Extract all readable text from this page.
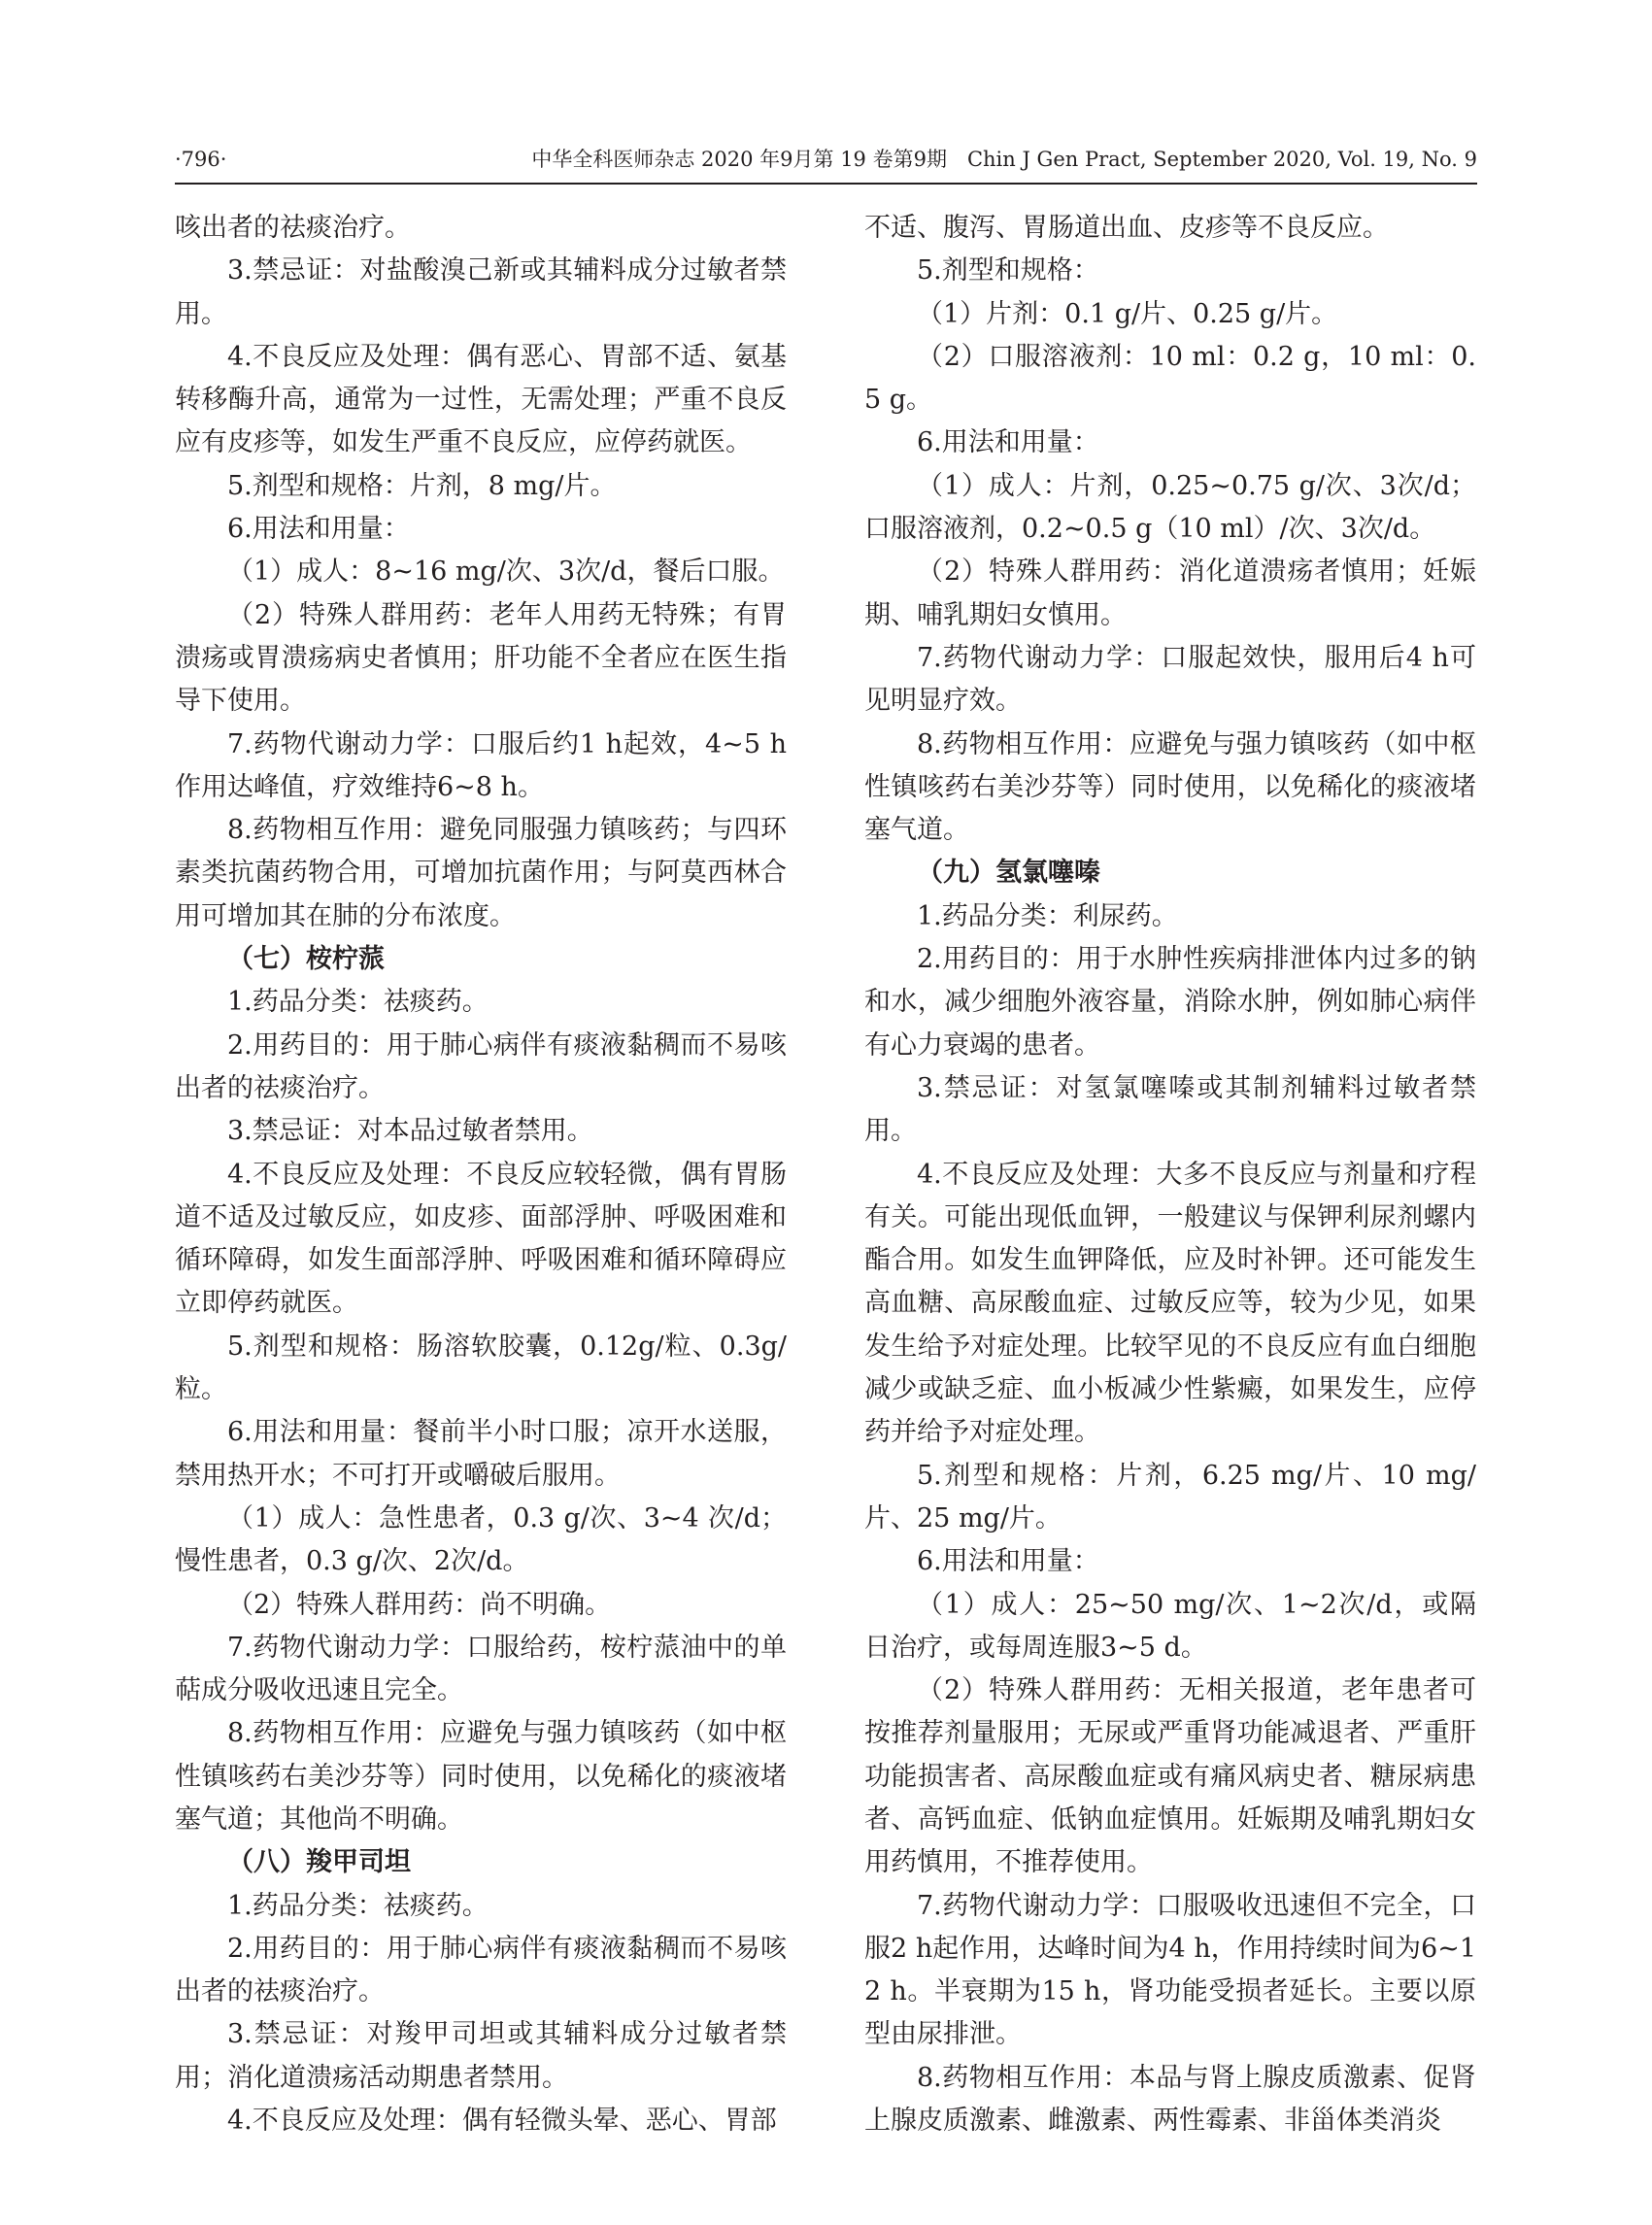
·796·	中华全科医师杂志 2020 年9月第 19 卷第9期　Chin J Gen Pract, September 2020, Vol. 19, No. 9

咳出者的祛痰治疗。

3.禁忌证：对盐酸溴己新或其辅料成分过敏者禁用。

4.不良反应及处理：偶有恶心、胃部不适、氨基转移酶升高，通常为一过性，无需处理；严重不良反应有皮疹等，如发生严重不良反应，应停药就医。

5.剂型和规格：片剂，8 mg/片。

6.用法和用量：

（1）成人：8~16 mg/次、3次/d，餐后口服。

（2）特殊人群用药：老年人用药无特殊；有胃溃疡或胃溃疡病史者慎用；肝功能不全者应在医生指导下使用。

7.药物代谢动力学：口服后约1 h起效，4~5 h作用达峰值，疗效维持6~8 h。

8.药物相互作用：避免同服强力镇咳药；与四环素类抗菌药物合用，可增加抗菌作用；与阿莫西林合用可增加其在肺的分布浓度。

（七）桉柠蒎

1.药品分类：祛痰药。

2.用药目的：用于肺心病伴有痰液黏稠而不易咳出者的祛痰治疗。

3.禁忌证：对本品过敏者禁用。

4.不良反应及处理：不良反应较轻微，偶有胃肠道不适及过敏反应，如皮疹、面部浮肿、呼吸困难和循环障碍，如发生面部浮肿、呼吸困难和循环障碍应立即停药就医。

5.剂型和规格：肠溶软胶囊，0.12g/粒、0.3g/粒。

6.用法和用量：餐前半小时口服；凉开水送服，禁用热开水；不可打开或嚼破后服用。

（1）成人：急性患者，0.3 g/次、3~4 次/d；慢性患者，0.3 g/次、2次/d。

（2）特殊人群用药：尚不明确。

7.药物代谢动力学：口服给药，桉柠蒎油中的单萜成分吸收迅速且完全。

8.药物相互作用：应避免与强力镇咳药（如中枢性镇咳药右美沙芬等）同时使用，以免稀化的痰液堵塞气道；其他尚不明确。

（八）羧甲司坦

1.药品分类：祛痰药。

2.用药目的：用于肺心病伴有痰液黏稠而不易咳出者的祛痰治疗。

3.禁忌证：对羧甲司坦或其辅料成分过敏者禁用；消化道溃疡活动期患者禁用。

4.不良反应及处理：偶有轻微头晕、恶心、胃部

不适、腹泻、胃肠道出血、皮疹等不良反应。

5.剂型和规格：

（1）片剂：0.1 g/片、0.25 g/片。

（2）口服溶液剂：10 ml：0.2 g，10 ml：0.5 g。

6.用法和用量：

（1）成人：片剂，0.25~0.75 g/次、3次/d；口服溶液剂，0.2~0.5 g（10 ml）/次、3次/d。

（2）特殊人群用药：消化道溃疡者慎用；妊娠期、哺乳期妇女慎用。

7.药物代谢动力学：口服起效快，服用后4 h可见明显疗效。

8.药物相互作用：应避免与强力镇咳药（如中枢性镇咳药右美沙芬等）同时使用，以免稀化的痰液堵塞气道。

（九）氢氯噻嗪

1.药品分类：利尿药。

2.用药目的：用于水肿性疾病排泄体内过多的钠和水，减少细胞外液容量，消除水肿，例如肺心病伴有心力衰竭的患者。

3.禁忌证：对氢氯噻嗪或其制剂辅料过敏者禁用。

4.不良反应及处理：大多不良反应与剂量和疗程有关。可能出现低血钾，一般建议与保钾利尿剂螺内酯合用。如发生血钾降低，应及时补钾。还可能发生高血糖、高尿酸血症、过敏反应等，较为少见，如果发生给予对症处理。比较罕见的不良反应有血白细胞减少或缺乏症、血小板减少性紫癜，如果发生，应停药并给予对症处理。

5.剂型和规格：片剂，6.25 mg/片、10 mg/片、25 mg/片。

6.用法和用量：

（1）成人：25~50 mg/次、1~2次/d，或隔日治疗，或每周连服3~5 d。

（2）特殊人群用药：无相关报道，老年患者可按推荐剂量服用；无尿或严重肾功能减退者、严重肝功能损害者、高尿酸血症或有痛风病史者、糖尿病患者、高钙血症、低钠血症慎用。妊娠期及哺乳期妇女用药慎用，不推荐使用。

7.药物代谢动力学：口服吸收迅速但不完全，口服2 h起作用，达峰时间为4 h，作用持续时间为6~12 h。半衰期为15 h，肾功能受损者延长。主要以原型由尿排泄。

8.药物相互作用：本品与肾上腺皮质激素、促肾上腺皮质激素、雌激素、两性霉素、非甾体类消炎
